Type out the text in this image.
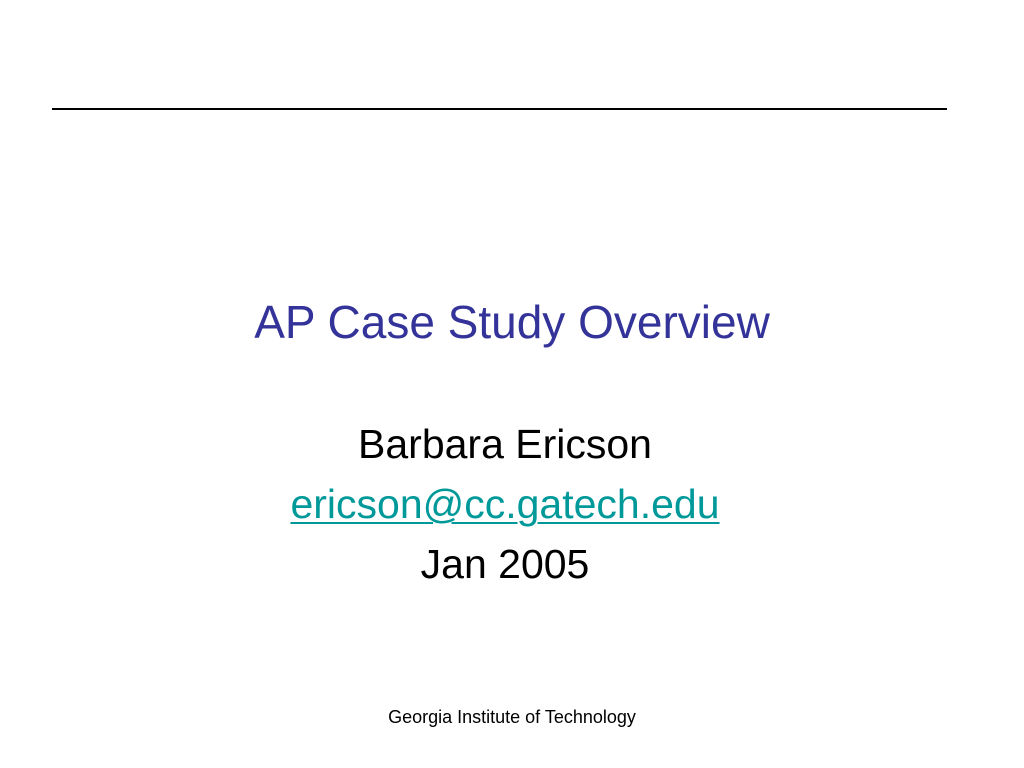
AP Case Study Overview
Barbara Ericson
ericson@cc.gatech.edu
Jan 2005
Georgia Institute of Technology
